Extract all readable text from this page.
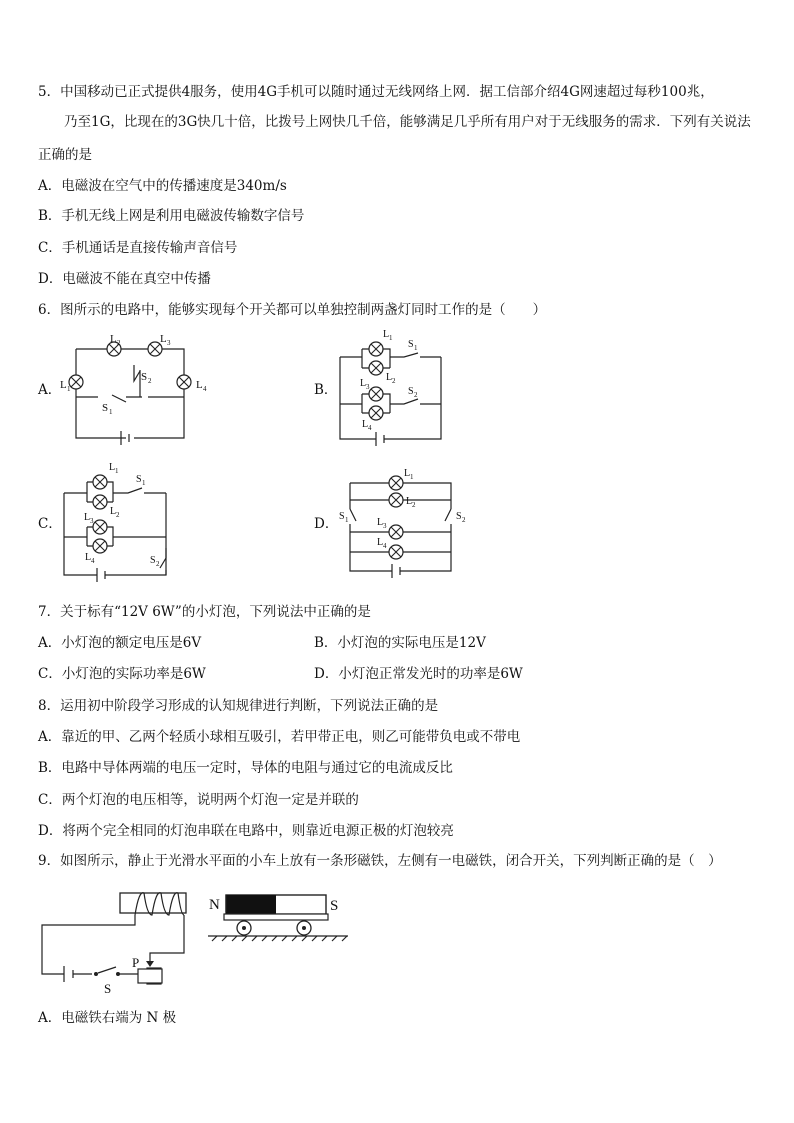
5．中国移动已正式提供4服务，使用4G手机可以随时通过无线网络上网．据工信部介绍4G网速超过每秒100兆，
乃至1G，比现在的3G快几十倍，比拨号上网快几千倍，能够满足几乎所有用户对于无线服务的需求．下列有关说法
正确的是
A．电磁波在空气中的传播速度是340m/s
B．手机无线上网是利用电磁波传输数字信号
C．手机通话是直接传输声音信号
D．电磁波不能在真空中传播
6．图所示的电路中，能够实现每个开关都可以单独控制两盏灯同时工作的是（　　）
A．	B．
C．	D．
L 2	L 3
L 1	L 4
S 2
S 1
L 1
L 2
L 3
L 4
S 1
S 2
L 1
L 2
L 3
L 4
S 1
S 2
L 1
L 2
L 3
L 4
S 1	S 2
7．关于标有“12V 6W”的小灯泡，下列说法中正确的是
A．小灯泡的额定电压是6V	B．小灯泡的实际电压是12V
C．小灯泡的实际功率是6W	D．小灯泡正常发光时的功率是6W
8．运用初中阶段学习形成的认知规律进行判断，下列说法正确的是
A．靠近的甲、乙两个轻质小球相互吸引，若甲带正电，则乙可能带负电或不带电
B．电路中导体两端的电压一定时，导体的电阻与通过它的电流成反比
C．两个灯泡的电压相等，说明两个灯泡一定是并联的
D．将两个完全相同的灯泡串联在电路中，则靠近电源正极的灯泡较亮
9．如图所示，静止于光滑水平面的小车上放有一条形磁铁，左侧有一电磁铁，闭合开关，下列判断正确的是（　）
P
S
N	S
A．电磁铁右端为 N 极
